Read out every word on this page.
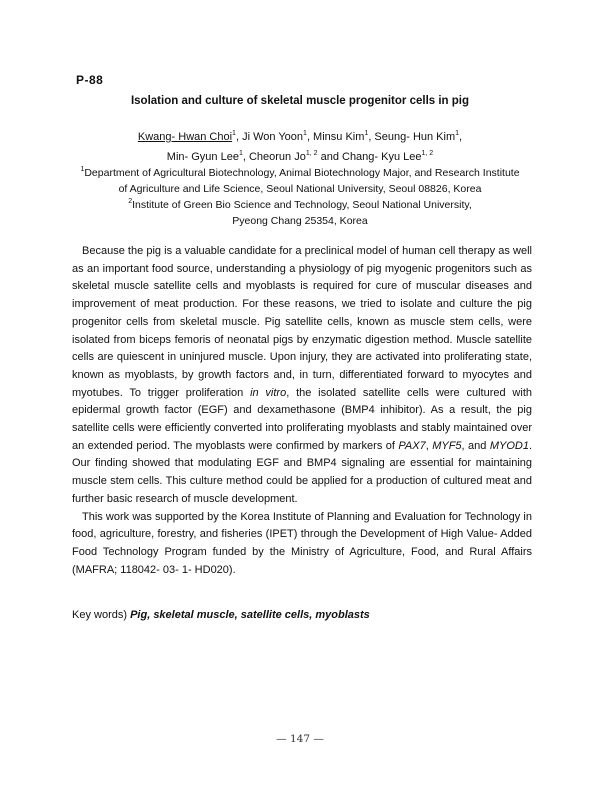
P-88
Isolation and culture of skeletal muscle progenitor cells in pig
Kwang- Hwan Choi$^1$, Ji Won Yoon$^1$, Minsu Kim$^1$, Seung- Hun Kim$^1$,
Min- Gyun Lee$^1$, Cheorun Jo$^{1, 2}$ and Chang- Kyu Lee$^{1, 2}$
$^1$Department of Agricultural Biotechnology, Animal Biotechnology Major, and Research Institute
of Agriculture and Life Science, Seoul National University, Seoul 08826, Korea
$^2$Institute of Green Bio Science and Technology, Seoul National University,
Pyeong Chang 25354, Korea

Because the pig is a valuable candidate for a preclinical model of human cell therapy as well as an important food source, understanding a physiology of pig myogenic progenitors such as skeletal muscle satellite cells and myoblasts is required for cure of muscular diseases and improvement of meat production. For these reasons, we tried to isolate and culture the pig progenitor cells from skeletal muscle. Pig satellite cells, known as muscle stem cells, were isolated from biceps femoris of neonatal pigs by enzymatic digestion method. Muscle satellite cells are quiescent in uninjured muscle. Upon injury, they are activated into proliferating state, known as myoblasts, by growth factors and, in turn, differentiated forward to myocytes and myotubes. To trigger proliferation in vitro, the isolated satellite cells were cultured with epidermal growth factor (EGF) and dexamethasone (BMP4 inhibitor). As a result, the pig satellite cells were efficiently converted into proliferating myoblasts and stably maintained over an extended period. The myoblasts were confirmed by markers of PAX7, MYF5, and MYOD1. Our finding showed that modulating EGF and BMP4 signaling are essential for maintaining muscle stem cells. This culture method could be applied for a production of cultured meat and further basic research of muscle development.

This work was supported by the Korea Institute of Planning and Evaluation for Technology in food, agriculture, forestry, and fisheries (IPET) through the Development of High Value- Added Food Technology Program funded by the Ministry of Agriculture, Food, and Rural Affairs (MAFRA; 118042- 03- 1- HD020).

Key words) Pig, skeletal muscle, satellite cells, myoblasts
— 147 —
